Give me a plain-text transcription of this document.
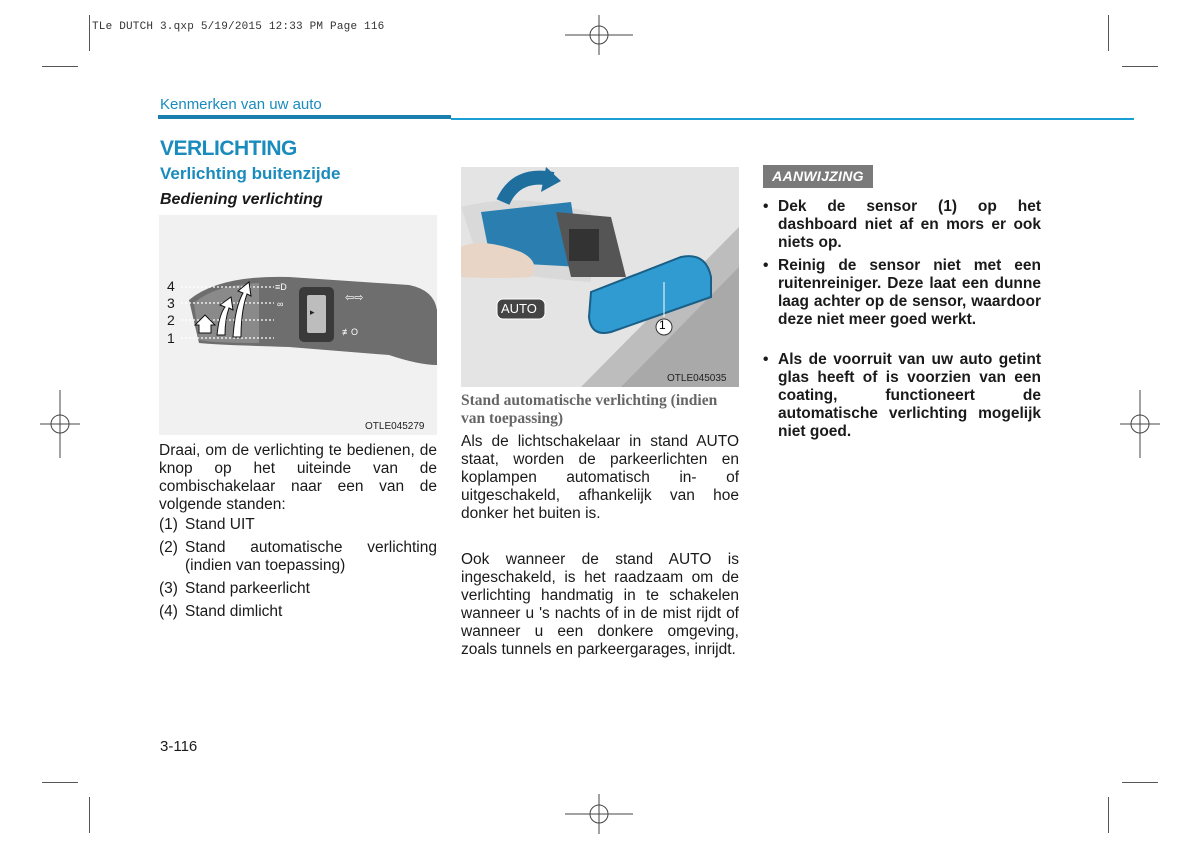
TLe DUTCH 3.qxp 5/19/2015 12:33 PM Page 116
Kenmerken van uw auto
VERLICHTING
Verlichting buitenzijde
Bediening verlichting
▸
≡D
∞	⇦⇨
≢O
4
3
2
1
OTLE045279
Draai, om de verlichting te bedienen, de knop op het uiteinde van de combischakelaar naar een van de volgende standen:
(1) Stand UIT
(2) Stand automatische verlichting (indien van toepassing)
(3) Stand parkeerlicht
(4) Stand dimlicht
AUTO
1
OTLE045035
Stand automatische verlichting (indien van toepassing)
Als de lichtschakelaar in stand AUTO staat, worden de parkeerlichten en koplampen automatisch in- of uitgeschakeld, afhankelijk van hoe donker het buiten is.
Ook wanneer de stand AUTO is ingeschakeld, is het raadzaam om de verlichting handmatig in te schakelen wanneer u 's nachts of in de mist rijdt of wanneer u een donkere omgeving, zoals tunnels en parkeergarages, inrijdt.
AANWIJZING
• Dek de sensor (1) op het dashboard niet af en mors er ook niets op.
• Reinig de sensor niet met een ruitenreiniger. Deze laat een dunne laag achter op de sensor, waardoor deze niet meer goed werkt.
• Als de voorruit van uw auto getint glas heeft of is voorzien van een coating, functioneert de automatische verlichting mogelijk niet goed.
3-116
